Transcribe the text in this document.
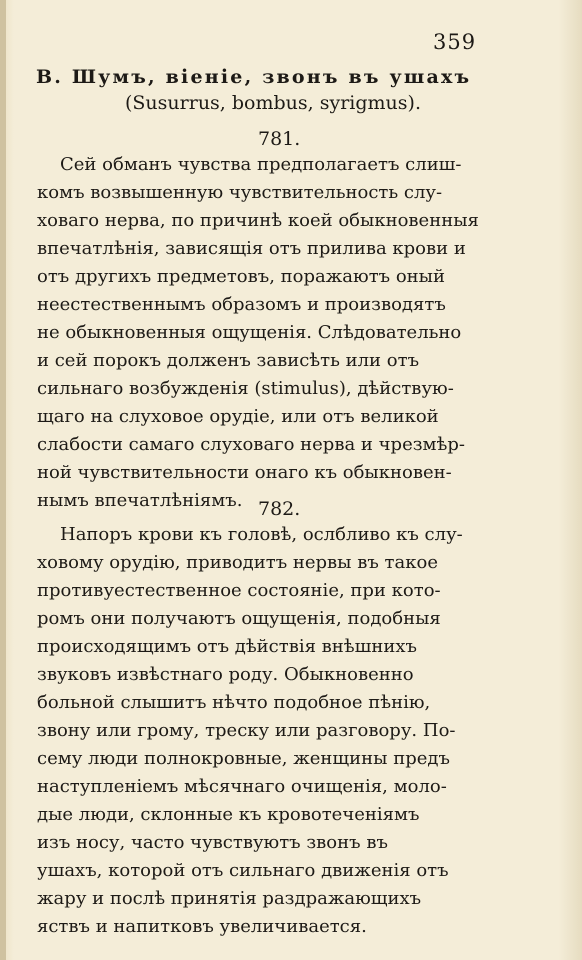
359
В. Шумъ, віеніе, звонъ въ ушахъ
(Susurrus, bombus, syrigmus).
781.
Сей обманъ чувства предполагаетъ слиш-
комъ возвышенную чувствительность слу-
ховаго нерва, по причинѣ коей обыкновенныя
впечатлѣнія, зависящія отъ прилива крови и
отъ другихъ предметовъ, поражаютъ оный
неестественнымъ образомъ и производятъ
не обыкновенныя ощущенія. Слѣдовательно
и сей порокъ долженъ зависѣть или отъ
сильнаго возбужденія (stimulus), дѣйствую-
щаго на слуховое орудіе, или отъ великой
слабости самаго слуховаго нерва и чрезмѣр-
ной чувствительности онаго къ обыкновен-
нымъ впечатлѣніямъ. 782.
Напоръ крови къ головѣ, ослбливо къ слу-
ховому орудію, приводитъ нервы въ такое
противуестественное состояніе, при кото-
ромъ они получаютъ ощущенія, подобныя
происходящимъ отъ дѣйствія внѣшнихъ
звуковъ извѣстнаго роду. Обыкновенно
больной слышитъ нѣчто подобное пѣнію,
звону или грому, треску или разговору. По-
сему люди полнокровные, женщины предъ
наступленіемъ мѣсячнаго очищенія, моло-
дые люди, склонные къ кровотеченіямъ
изъ носу, часто чувствуютъ звонъ въ
ушахъ, которой отъ сильнаго движенія отъ
жару и послѣ принятія раздражающихъ
яствъ и напитковъ увеличивается.
